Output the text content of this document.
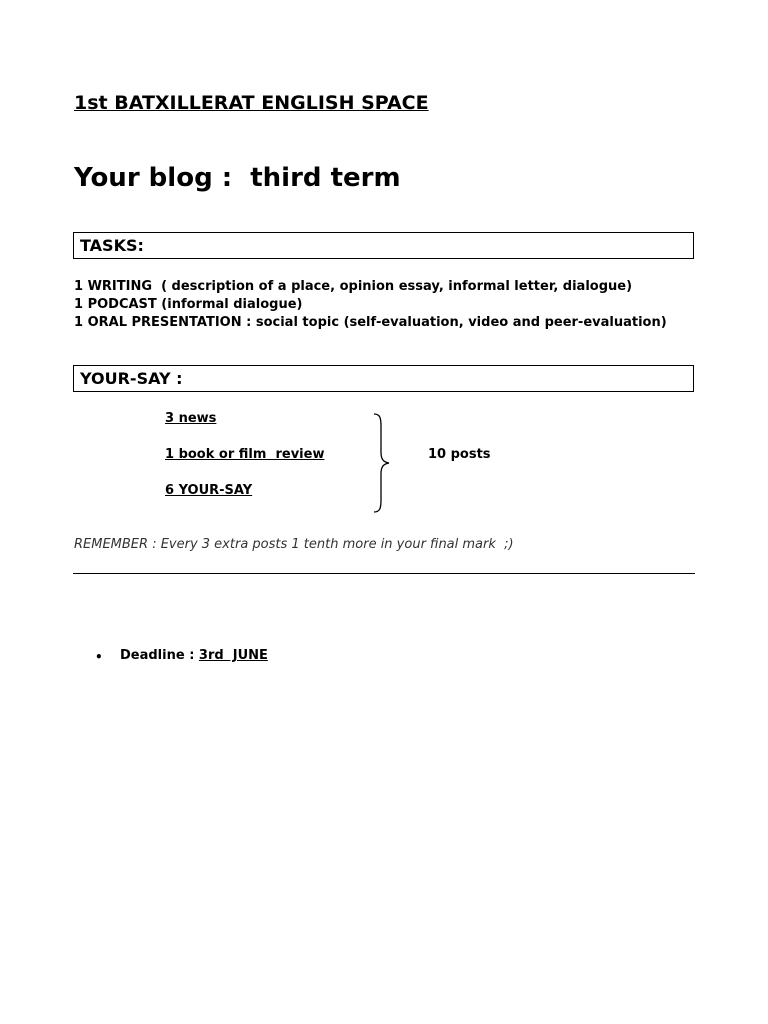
1st BATXILLERAT ENGLISH SPACE
Your blog :  third term
TASKS:
1 WRITING  ( description of a place, opinion essay, informal letter, dialogue)
1 PODCAST (informal dialogue)
1 ORAL PRESENTATION : social topic (self-evaluation, video and peer-evaluation)
YOUR-SAY :
3 news
1 book or film  review
6 YOUR-SAY
10 posts
REMEMBER : Every 3 extra posts 1 tenth more in your final mark  ;)
• Deadline : 3rd  JUNE
